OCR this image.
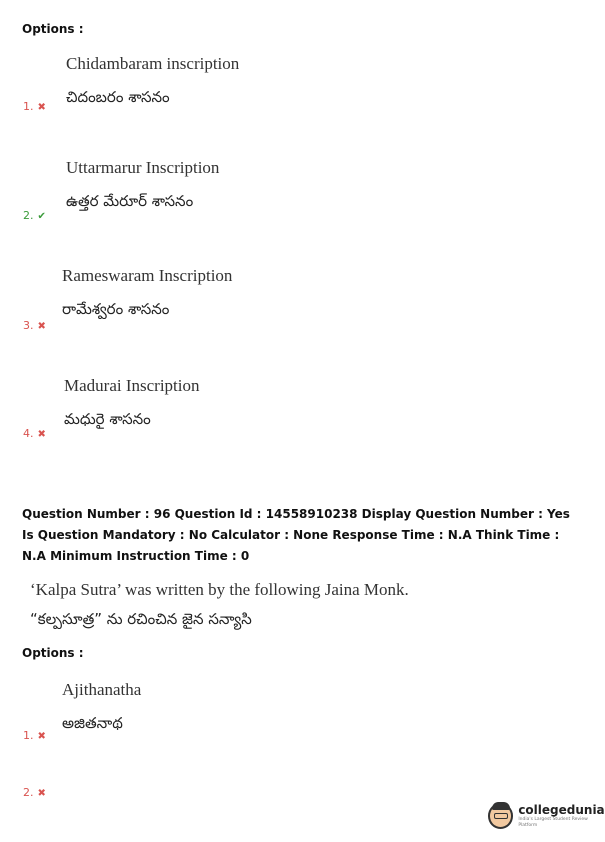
Options :
Chidambaram inscription
చిదంబరం శాసనం
1. ✖
Uttarmarur Inscription
ఉత్తర మేరూర్ శాసనం
2. ✔
Rameswaram Inscription
రామేశ్వరం శాసనం
3. ✖
Madurai Inscription
మధురై శాసనం
4. ✖
Question Number : 96 Question Id : 14558910238 Display Question Number : Yes Is Question Mandatory : No Calculator : None Response Time : N.A Think Time : N.A Minimum Instruction Time : 0
‘Kalpa Sutra’ was written by the following Jaina Monk.
“కల్పసూత్ర” ను రచించిన జైన సన్యాసి
Options :
Ajithanatha
అజితనాథ
1. ✖
2. ✖
collegedunia
India's Largest Student Review Platform
